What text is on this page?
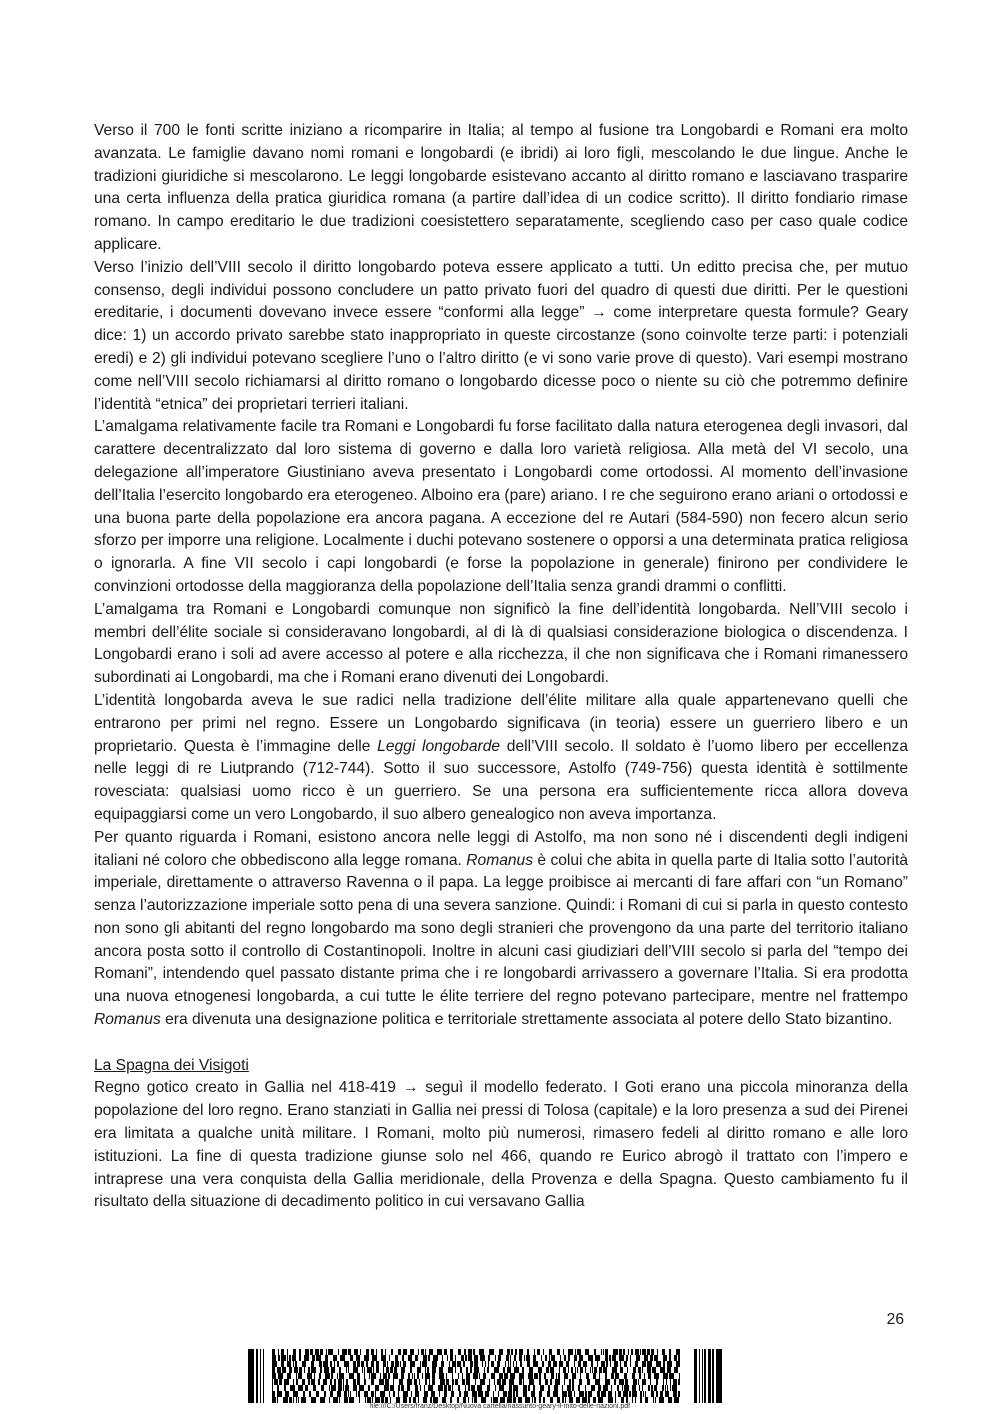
Verso il 700 le fonti scritte iniziano a ricomparire in Italia; al tempo al fusione tra Longobardi e Romani era molto avanzata. Le famiglie davano nomi romani e longobardi (e ibridi) ai loro figli, mescolando le due lingue. Anche le tradizioni giuridiche si mescolarono. Le leggi longobarde esistevano accanto al diritto romano e lasciavano trasparire una certa influenza della pratica giuridica romana (a partire dall’idea di un codice scritto). Il diritto fondiario rimase romano. In campo ereditario le due tradizioni coesistettero separatamente, scegliendo caso per caso quale codice applicare.

Verso l’inizio dell’VIII secolo il diritto longobardo poteva essere applicato a tutti. Un editto precisa che, per mutuo consenso, degli individui possono concludere un patto privato fuori del quadro di questi due diritti. Per le questioni ereditarie, i documenti dovevano invece essere “conformi alla legge” → come interpretare questa formule? Geary dice: 1) un accordo privato sarebbe stato inappropriato in queste circostanze (sono coinvolte terze parti: i potenziali eredi) e 2) gli individui potevano scegliere l’uno o l’altro diritto (e vi sono varie prove di questo). Vari esempi mostrano come nell’VIII secolo richiamarsi al diritto romano o longobardo dicesse poco o niente su ciò che potremmo definire l’identità “etnica” dei proprietari terrieri italiani.

L’amalgama relativamente facile tra Romani e Longobardi fu forse facilitato dalla natura eterogenea degli invasori, dal carattere decentralizzato dal loro sistema di governo e dalla loro varietà religiosa. Alla metà del VI secolo, una delegazione all’imperatore Giustiniano aveva presentato i Longobardi come ortodossi. Al momento dell’invasione dell’Italia l’esercito longobardo era eterogeneo. Alboino era (pare) ariano. I re che seguirono erano ariani o ortodossi e una buona parte della popolazione era ancora pagana. A eccezione del re Autari (584-590) non fecero alcun serio sforzo per imporre una religione. Localmente i duchi potevano sostenere o opporsi a una determinata pratica religiosa o ignorarla. A fine VII secolo i capi longobardi (e forse la popolazione in generale) finirono per condividere le convinzioni ortodosse della maggioranza della popolazione dell’Italia senza grandi drammi o conflitti.

L’amalgama tra Romani e Longobardi comunque non significò la fine dell’identità longobarda. Nell’VIII secolo i membri dell’élite sociale si consideravano longobardi, al di là di qualsiasi considerazione biologica o discendenza. I Longobardi erano i soli ad avere accesso al potere e alla ricchezza, il che non significava che i Romani rimanessero subordinati ai Longobardi, ma che i Romani erano divenuti dei Longobardi.

L’identità longobarda aveva le sue radici nella tradizione dell’élite militare alla quale appartenevano quelli che entrarono per primi nel regno. Essere un Longobardo significava (in teoria) essere un guerriero libero e un proprietario. Questa è l’immagine delle Leggi longobarde dell’VIII secolo. Il soldato è l’uomo libero per eccellenza nelle leggi di re Liutprando (712-744). Sotto il suo successore, Astolfo (749-756) questa identità è sottilmente rovesciata: qualsiasi uomo ricco è un guerriero. Se una persona era sufficientemente ricca allora doveva equipaggiarsi come un vero Longobardo, il suo albero genealogico non aveva importanza.

Per quanto riguarda i Romani, esistono ancora nelle leggi di Astolfo, ma non sono né i discendenti degli indigeni italiani né coloro che obbediscono alla legge romana. Romanus è colui che abita in quella parte di Italia sotto l’autorità imperiale, direttamente o attraverso Ravenna o il papa. La legge proibisce ai mercanti di fare affari con “un Romano” senza l’autorizzazione imperiale sotto pena di una severa sanzione. Quindi: i Romani di cui si parla in questo contesto non sono gli abitanti del regno longobardo ma sono degli stranieri che provengono da una parte del territorio italiano ancora posta sotto il controllo di Costantinopoli. Inoltre in alcuni casi giudiziari dell’VIII secolo si parla del “tempo dei Romani”, intendendo quel passato distante prima che i re longobardi arrivassero a governare l’Italia. Si era prodotta una nuova etnogenesi longobarda, a cui tutte le élite terriere del regno potevano partecipare, mentre nel frattempo Romanus era divenuta una designazione politica e territoriale strettamente associata al potere dello Stato bizantino.

La Spagna dei Visigoti

Regno gotico creato in Gallia nel 418-419 → seguì il modello federato. I Goti erano una piccola minoranza della popolazione del loro regno. Erano stanziati in Gallia nei pressi di Tolosa (capitale) e la loro presenza a sud dei Pirenei era limitata a qualche unità militare. I Romani, molto più numerosi, rimasero fedeli al diritto romano e alle loro istituzioni. La fine di questa tradizione giunse solo nel 466, quando re Eurico abrogò il trattato con l’impero e intraprese una vera conquista della Gallia meridionale, della Provenza e della Spagna. Questo cambiamento fu il risultato della situazione di decadimento politico in cui versavano Gallia

26
file:///C:/Users/franz/Desktop/Nuova cartella/riassunto-geary-il-mito-delle-nazioni.pdf
